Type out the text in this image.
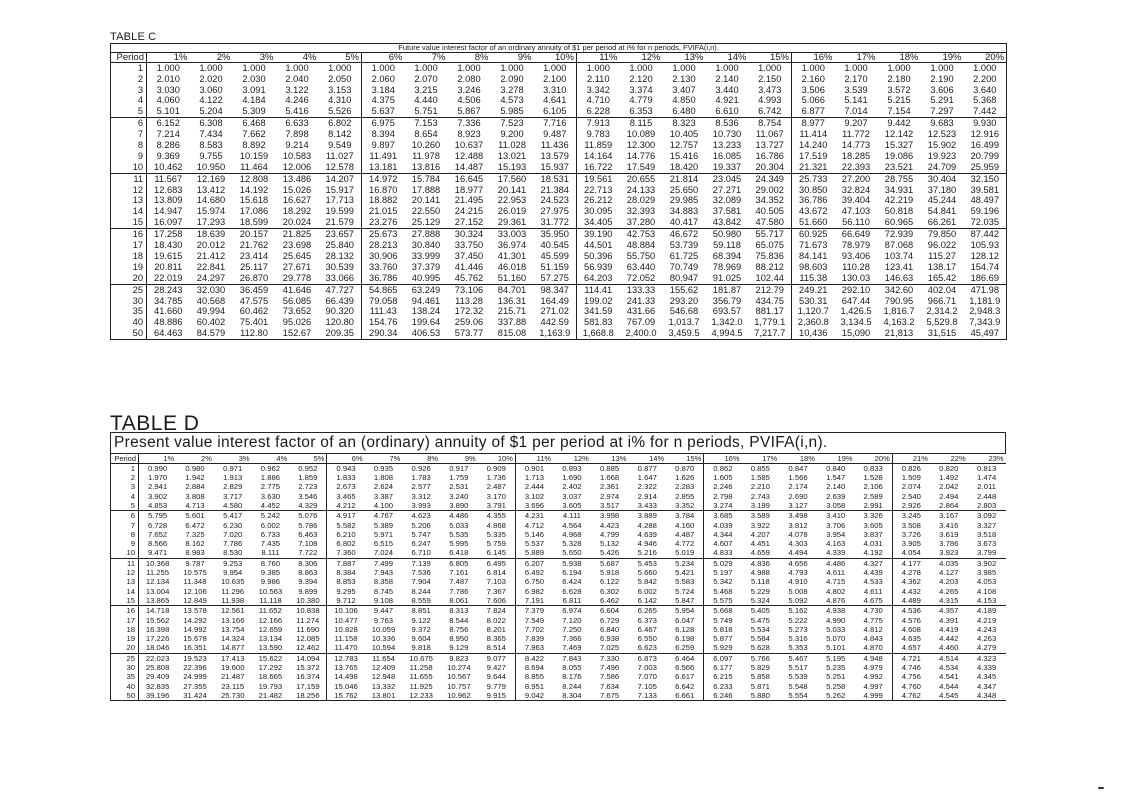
TABLE C
Future value interest factor of an ordinary annuity of $1 per period at i% for n periods, FVIFA(i,n).																				
Period	1%	2%	3%	4%	5%	6%	7%	8%	9%	10%	11%	12%	13%	14%	15%	16%	17%	18%	19%	20%
1	1.000	1.000	1.000	1.000	1.000	1.000	1.000	1.000	1.000	1.000	1.000	1.000	1.000	1.000	1.000	1.000	1.000	1.000	1.000	1.000
2	2.010	2.020	2.030	2.040	2.050	2.060	2.070	2.080	2.090	2.100	2.110	2.120	2.130	2.140	2.150	2.160	2.170	2.180	2.190	2.200
3	3.030	3.060	3.091	3.122	3.153	3.184	3.215	3.246	3.278	3.310	3.342	3.374	3.407	3.440	3.473	3.506	3.539	3.572	3.606	3.640
4	4.060	4.122	4.184	4.246	4.310	4.375	4.440	4.506	4.573	4.641	4.710	4.779	4.850	4.921	4.993	5.066	5.141	5.215	5.291	5.368
5	5.101	5.204	5.309	5.416	5.526	5.637	5.751	5.867	5.985	6.105	6.228	6.353	6.480	6.610	6.742	6.877	7.014	7.154	7.297	7.442
6	6.152	6.308	6.468	6.633	6.802	6.975	7.153	7.336	7.523	7.716	7.913	8.115	8.323	8.536	8.754	8.977	9.207	9.442	9.683	9.930
7	7.214	7.434	7.662	7.898	8.142	8.394	8.654	8.923	9.200	9.487	9.783	10.089	10.405	10.730	11.067	11.414	11.772	12.142	12.523	12.916
8	8.286	8.583	8.892	9.214	9.549	9.897	10.260	10.637	11.028	11.436	11.859	12.300	12.757	13.233	13.727	14.240	14.773	15.327	15.902	16.499
9	9.369	9.755	10.159	10.583	11.027	11.491	11.978	12.488	13.021	13.579	14.164	14.776	15.416	16.085	16.786	17.519	18.285	19.086	19.923	20.799
10	10.462	10.950	11.464	12.006	12.578	13.181	13.816	14.487	15.193	15.937	16.722	17.549	18.420	19.337	20.304	21.321	22.393	23.521	24.709	25.959
11	11.567	12.169	12.808	13.486	14.207	14.972	15.784	16.645	17.560	18.531	19.561	20.655	21.814	23.045	24.349	25.733	27.200	28.755	30.404	32.150
12	12.683	13.412	14.192	15.026	15.917	16.870	17.888	18.977	20.141	21.384	22.713	24.133	25.650	27.271	29.002	30.850	32.824	34.931	37.180	39.581
13	13.809	14.680	15.618	16.627	17.713	18.882	20.141	21.495	22.953	24.523	26.212	28.029	29.985	32.089	34.352	36.786	39.404	42.219	45.244	48.497
14	14.947	15.974	17.086	18.292	19.599	21.015	22.550	24.215	26.019	27.975	30.095	32.393	34.883	37.581	40.505	43.672	47.103	50.818	54.841	59.196
15	16.097	17.293	18.599	20.024	21.579	23.276	25.129	27.152	29.361	31.772	34.405	37.280	40.417	43.842	47.580	51.660	56.110	60.965	66.261	72.035
16	17.258	18.639	20.157	21.825	23.657	25.673	27.888	30.324	33.003	35.950	39.190	42.753	46.672	50.980	55.717	60.925	66.649	72.939	79.850	87.442
17	18.430	20.012	21.762	23.698	25.840	28.213	30.840	33.750	36.974	40.545	44.501	48.884	53.739	59.118	65.075	71.673	78.979	87.068	96.022	105.93
18	19.615	21.412	23.414	25.645	28.132	30.906	33.999	37.450	41.301	45.599	50.396	55.750	61.725	68.394	75.836	84.141	93.406	103.74	115.27	128.12
19	20.811	22.841	25.117	27.671	30.539	33.760	37.379	41.446	46.018	51.159	56.939	63.440	70.749	78.969	88.212	98.603	110.28	123.41	138.17	154.74
20	22.019	24.297	26.870	29.778	33.066	36.786	40.995	45.762	51.160	57.275	64.203	72.052	80.947	91.025	102.44	115.38	130.03	146.63	165.42	186.69
25	28.243	32.030	36.459	41.646	47.727	54.865	63.249	73.106	84.701	98.347	114.41	133.33	155.62	181.87	212.79	249.21	292.10	342.60	402.04	471.98
30	34.785	40.568	47.575	56.085	66.439	79.058	94.461	113.28	136.31	164.49	199.02	241.33	293.20	356.79	434.75	530.31	647.44	790.95	966.71	1,181.9
35	41.660	49.994	60.462	73.652	90.320	111.43	138.24	172.32	215.71	271.02	341.59	431.66	546.68	693.57	881.17	1,120.7	1,426.5	1,816.7	2,314.2	2,948.3
40	48.886	60.402	75.401	95.026	120.80	154.76	199.64	259.06	337.88	442.59	581.83	767.09	1,013.7	1,342.0	1,779.1	2,360.8	3,134.5	4,163.2	5,529.8	7,343.9
50	64.463	84.579	112.80	152.67	209.35	290.34	406.53	573.77	815.08	1,163.9	1,668.8	2,400.0	3,459.5	4,994.5	7,217.7	10,436	15,090	21,813	31,515	45,497
TABLE D
Present value interest factor of an (ordinary) annuity of $1 per period at i% for n periods, PVIFA(i,n).																							
Period	1%	2%	3%	4%	5%	6%	7%	8%	9%	10%	11%	12%	13%	14%	15%	16%	17%	18%	19%	20%	21%	22%	23%
1	0.990	0.980	0.971	0.962	0.952	0.943	0.935	0.926	0.917	0.909	0.901	0.893	0.885	0.877	0.870	0.862	0.855	0.847	0.840	0.833	0.826	0.820	0.813
2	1.970	1.942	1.913	1.886	1.859	1.833	1.808	1.783	1.759	1.736	1.713	1.690	1.668	1.647	1.626	1.605	1.585	1.566	1.547	1.528	1.509	1.492	1.474
3	2.941	2.884	2.829	2.775	2.723	2.673	2.624	2.577	2.531	2.487	2.444	2.402	2.361	2.322	2.283	2.246	2.210	2.174	2.140	2.106	2.074	2.042	2.011
4	3.902	3.808	3.717	3.630	3.546	3.465	3.387	3.312	3.240	3.170	3.102	3.037	2.974	2.914	2.855	2.798	2.743	2.690	2.639	2.589	2.540	2.494	2.448
5	4.853	4.713	4.580	4.452	4.329	4.212	4.100	3.993	3.890	3.791	3.696	3.605	3.517	3.433	3.352	3.274	3.199	3.127	3.058	2.991	2.926	2.864	2.803
6	5.795	5.601	5.417	5.242	5.076	4.917	4.767	4.623	4.486	4.355	4.231	4.111	3.998	3.889	3.784	3.685	3.589	3.498	3.410	3.326	3.245	3.167	3.092
7	6.728	6.472	6.230	6.002	5.786	5.582	5.389	5.206	5.033	4.868	4.712	4.564	4.423	4.288	4.160	4.039	3.922	3.812	3.706	3.605	3.508	3.416	3.327
8	7.652	7.325	7.020	6.733	6.463	6.210	5.971	5.747	5.535	5.335	5.146	4.968	4.799	4.639	4.487	4.344	4.207	4.078	3.954	3.837	3.726	3.619	3.518
9	8.566	8.162	7.786	7.435	7.108	6.802	6.515	6.247	5.995	5.759	5.537	5.328	5.132	4.946	4.772	4.607	4.451	4.303	4.163	4.031	3.905	3.786	3.673
10	9.471	8.983	8.530	8.111	7.722	7.360	7.024	6.710	6.418	6.145	5.889	5.650	5.426	5.216	5.019	4.833	4.659	4.494	4.339	4.192	4.054	3.923	3.799
11	10.368	9.787	9.253	8.760	8.306	7.887	7.499	7.139	6.805	6.495	6.207	5.938	5.687	5.453	5.234	5.029	4.836	4.656	4.486	4.327	4.177	4.035	3.902
12	11.255	10.575	9.954	9.385	8.863	8.384	7.943	7.536	7.161	6.814	6.492	6.194	5.918	5.660	5.421	5.197	4.988	4.793	4.611	4.439	4.278	4.127	3.985
13	12.134	11.348	10.635	9.986	9.394	8.853	8.358	7.904	7.487	7.103	6.750	6.424	6.122	5.842	5.583	5.342	5.118	4.910	4.715	4.533	4.362	4.203	4.053
14	13.004	12.106	11.296	10.563	9.899	9.295	8.745	8.244	7.786	7.367	6.982	6.628	6.302	6.002	5.724	5.468	5.229	5.008	4.802	4.611	4.432	4.265	4.108
15	13.865	12.849	11.938	11.118	10.380	9.712	9.108	8.559	8.061	7.606	7.191	6.811	6.462	6.142	5.847	5.575	5.324	5.092	4.876	4.675	4.489	4.315	4.153
16	14.718	13.578	12.561	11.652	10.838	10.106	9.447	8.851	8.313	7.824	7.379	6.974	6.604	6.265	5.954	5.668	5.405	5.162	4.938	4.730	4.536	4.357	4.189
17	15.562	14.292	13.166	12.166	11.274	10.477	9.763	9.122	8.544	8.022	7.549	7.120	6.729	6.373	6.047	5.749	5.475	5.222	4.990	4.775	4.576	4.391	4.219
18	16.398	14.992	13.754	12.659	11.690	10.828	10.059	9.372	8.756	8.201	7.702	7.250	6.840	6.467	6.128	5.818	5.534	5.273	5.033	4.812	4.608	4.419	4.243
19	17.226	15.678	14.324	13.134	12.085	11.158	10.336	9.604	8.950	8.365	7.839	7.366	6.938	6.550	6.198	5.877	5.584	5.316	5.070	4.843	4.635	4.442	4.263
20	18.046	16.351	14.877	13.590	12.462	11.470	10.594	9.818	9.129	8.514	7.963	7.469	7.025	6.623	6.259	5.929	5.628	5.353	5.101	4.870	4.657	4.460	4.279
25	22.023	19.523	17.413	15.622	14.094	12.783	11.654	10.675	9.823	9.077	8.422	7.843	7.330	6.873	6.464	6.097	5.766	5.467	5.195	4.948	4.721	4.514	4.323
30	25.808	22.396	19.600	17.292	15.372	13.765	12.409	11.258	10.274	9.427	8.694	8.055	7.496	7.003	6.566	6.177	5.829	5.517	5.235	4.979	4.746	4.534	4.339
35	29.409	24.999	21.487	18.665	16.374	14.498	12.948	11.655	10.567	9.644	8.855	8.176	7.586	7.070	6.617	6.215	5.858	5.539	5.251	4.992	4.756	4.541	4.345
40	32.835	27.355	23.115	19.793	17.159	15.046	13.332	11.925	10.757	9.779	8.951	8.244	7.634	7.105	6.642	6.233	5.871	5.548	5.258	4.997	4.760	4.544	4.347
50	39.196	31.424	25.730	21.482	18.256	15.762	13.801	12.233	10.962	9.915	9.042	8.304	7.675	7.133	6.661	6.246	5.880	5.554	5.262	4.999	4.762	4.545	4.348
